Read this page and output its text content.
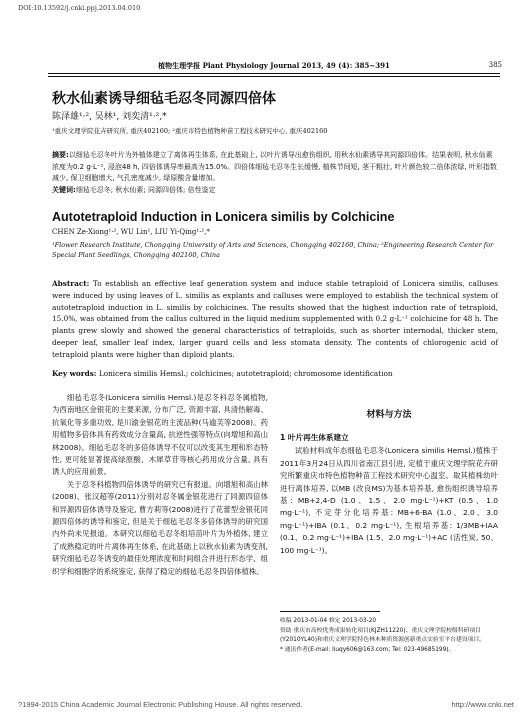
DOI:10.13592/j.cnki.ppj.2013.04.010
植物生理学报 Plant Physiology Journal 2013, 49 (4): 385~391	385
秋水仙素诱导细毡毛忍冬同源四倍体
陈泽雄¹·², 吴林¹, 刘奕清¹·²,*
¹重庆文理学院花卉研究所, 重庆402160; ²重庆市特色植物种苗工程技术研究中心, 重庆402160
摘要:以细毡毛忍冬叶片为外植体建立了离体再生体系, 在此基础上, 以叶片诱导出愈伤组织, 用秋水仙素诱导其同源四倍体。结果表明, 秋水仙素浓度为0.2 g·L⁻¹, 浸泡48 h, 四倍体诱导率最高为15.0%。四倍体细毡毛忍冬生长缓慢, 植株节间短, 茎干粗壮, 叶片颜色较二倍体浓绿, 叶形指数减少, 保卫细胞增大, 气孔密度减少, 绿原酸含量增加。
关键词:细毡毛忍冬; 秋水仙素; 同源四倍体; 倍性鉴定
Autotetraploid Induction in Lonicera similis by Colchicine
CHEN Ze-Xiong¹·², WU Lin¹, LIU Yi-Qing¹·²,*
¹Flower Research Institute, Chongqing University of Arts and Sciences, Chongqing 402160, China; ²Engineering Research Center for Special Plant Seedlings, Chongqing 402160, China
Abstract: To establish an effective leaf generation system and induce stable tetraploid of Lonicera similis, calluses were induced by using leaves of L. similis as explants and calluses were employed to establish the technical system of autotetraploid induction in L. similis by colchicines. The results showed that the highest induction rate of tetraploid, 15.0%, was obtained from the callus cultured in the liquid medium supplemented with 0.2 g·L⁻¹ colchicine for 48 h. The plants grew slowly and showed the general characteristics of tetraploids, such as shorter internodal, thicker stem, deeper leaf, smaller leaf index, larger guard cells and less stomata density. The contents of chlorogenic acid of tetraploid plants were higher than diploid plants.
Key words: Lonicera similis Hemsl.; colchicines; autotetraploid; chromosome identification

细毡毛忍冬(Lonicera similis Hemsl.)是忍冬科忍冬属植物, 为西南地区金银花的主要来源, 分布广泛, 资源丰富, 具清热解毒、抗氧化等多重功效, 是川渝金银花的主流品种(马逾芙等2008)。药用植物多倍体具有药效成分含量高, 抗逆性强等特点(向增旭和高山林2008)。细毡毛忍冬的多倍体诱导不仅可以改变其生理和形态特性, 更可能显著提高绿原酸、木犀草苷等核心药用成分含量, 具有诱人的应用前景。

关于忍冬科植物四倍体诱导的研究已有报道。向增旭和高山林(2008)、张汉超等(2011)分别对忍冬属金银花进行了同源四倍体和异源四倍体诱导及鉴定, 曹方莉等(2008)进行了花蕾型金银花同源四倍体的诱导和鉴定, 但是关于细毡毛忍冬多倍体诱导的研究国内外尚未见报道。本研究以细毡毛忍冬组培苗叶片为外植体, 建立了成熟稳定的叶片离体再生体系, 在此基础上以秋水仙素为诱变剂, 研究细毡毛忍冬诱变的最佳处理浓度和时间组合并进行形态学、组织学和细胞学的系统鉴定, 获得了稳定的细毡毛忍冬四倍体植株。

材料与方法
1 叶片再生体系建立

试验材料成年态细毡毛忍冬(Lonicera similis Hemsl.)植株于2011年3月24日从四川省南江县引进, 定植于重庆文理学院花卉研究所繁重庆市特色植物种苗工程技术研究中心温室。取其植株幼叶进行离体培养, 以MB (改良MS)为基本培养基, 愈伤组织诱导培养基: MB+2,4-D (1.0、1.5、2.0 mg·L⁻¹)+KT (0.5、1.0 mg·L⁻¹), 不定芽分化培养基: MB+6-BA (1.0、2.0、3.0 mg·L⁻¹)+IBA (0.1、0.2 mg·L⁻¹), 生根培养基: 1/3MB+IAA (0.1、0.2 mg·L⁻¹)+IBA (1.5、2.0 mg·L⁻¹)+AC (活性炭, 50、100 mg·L⁻¹)。

收稿 2013-01-04 修定 2013-03-20
资助 重庆市高校优秀成果转化项目(KJZH11220)、重庆文理学院校级科研项目(Y2010YL40)和重庆文理学院特色林木种质资源创新重点实验室平台建设项目。
* 通讯作者(E-mail: liuqy606@163.com; Tel: 023-49685199)。
?1994-2015 China Academic Journal Electronic Publishing House. All rights reserved.	http://www.cnki.net
